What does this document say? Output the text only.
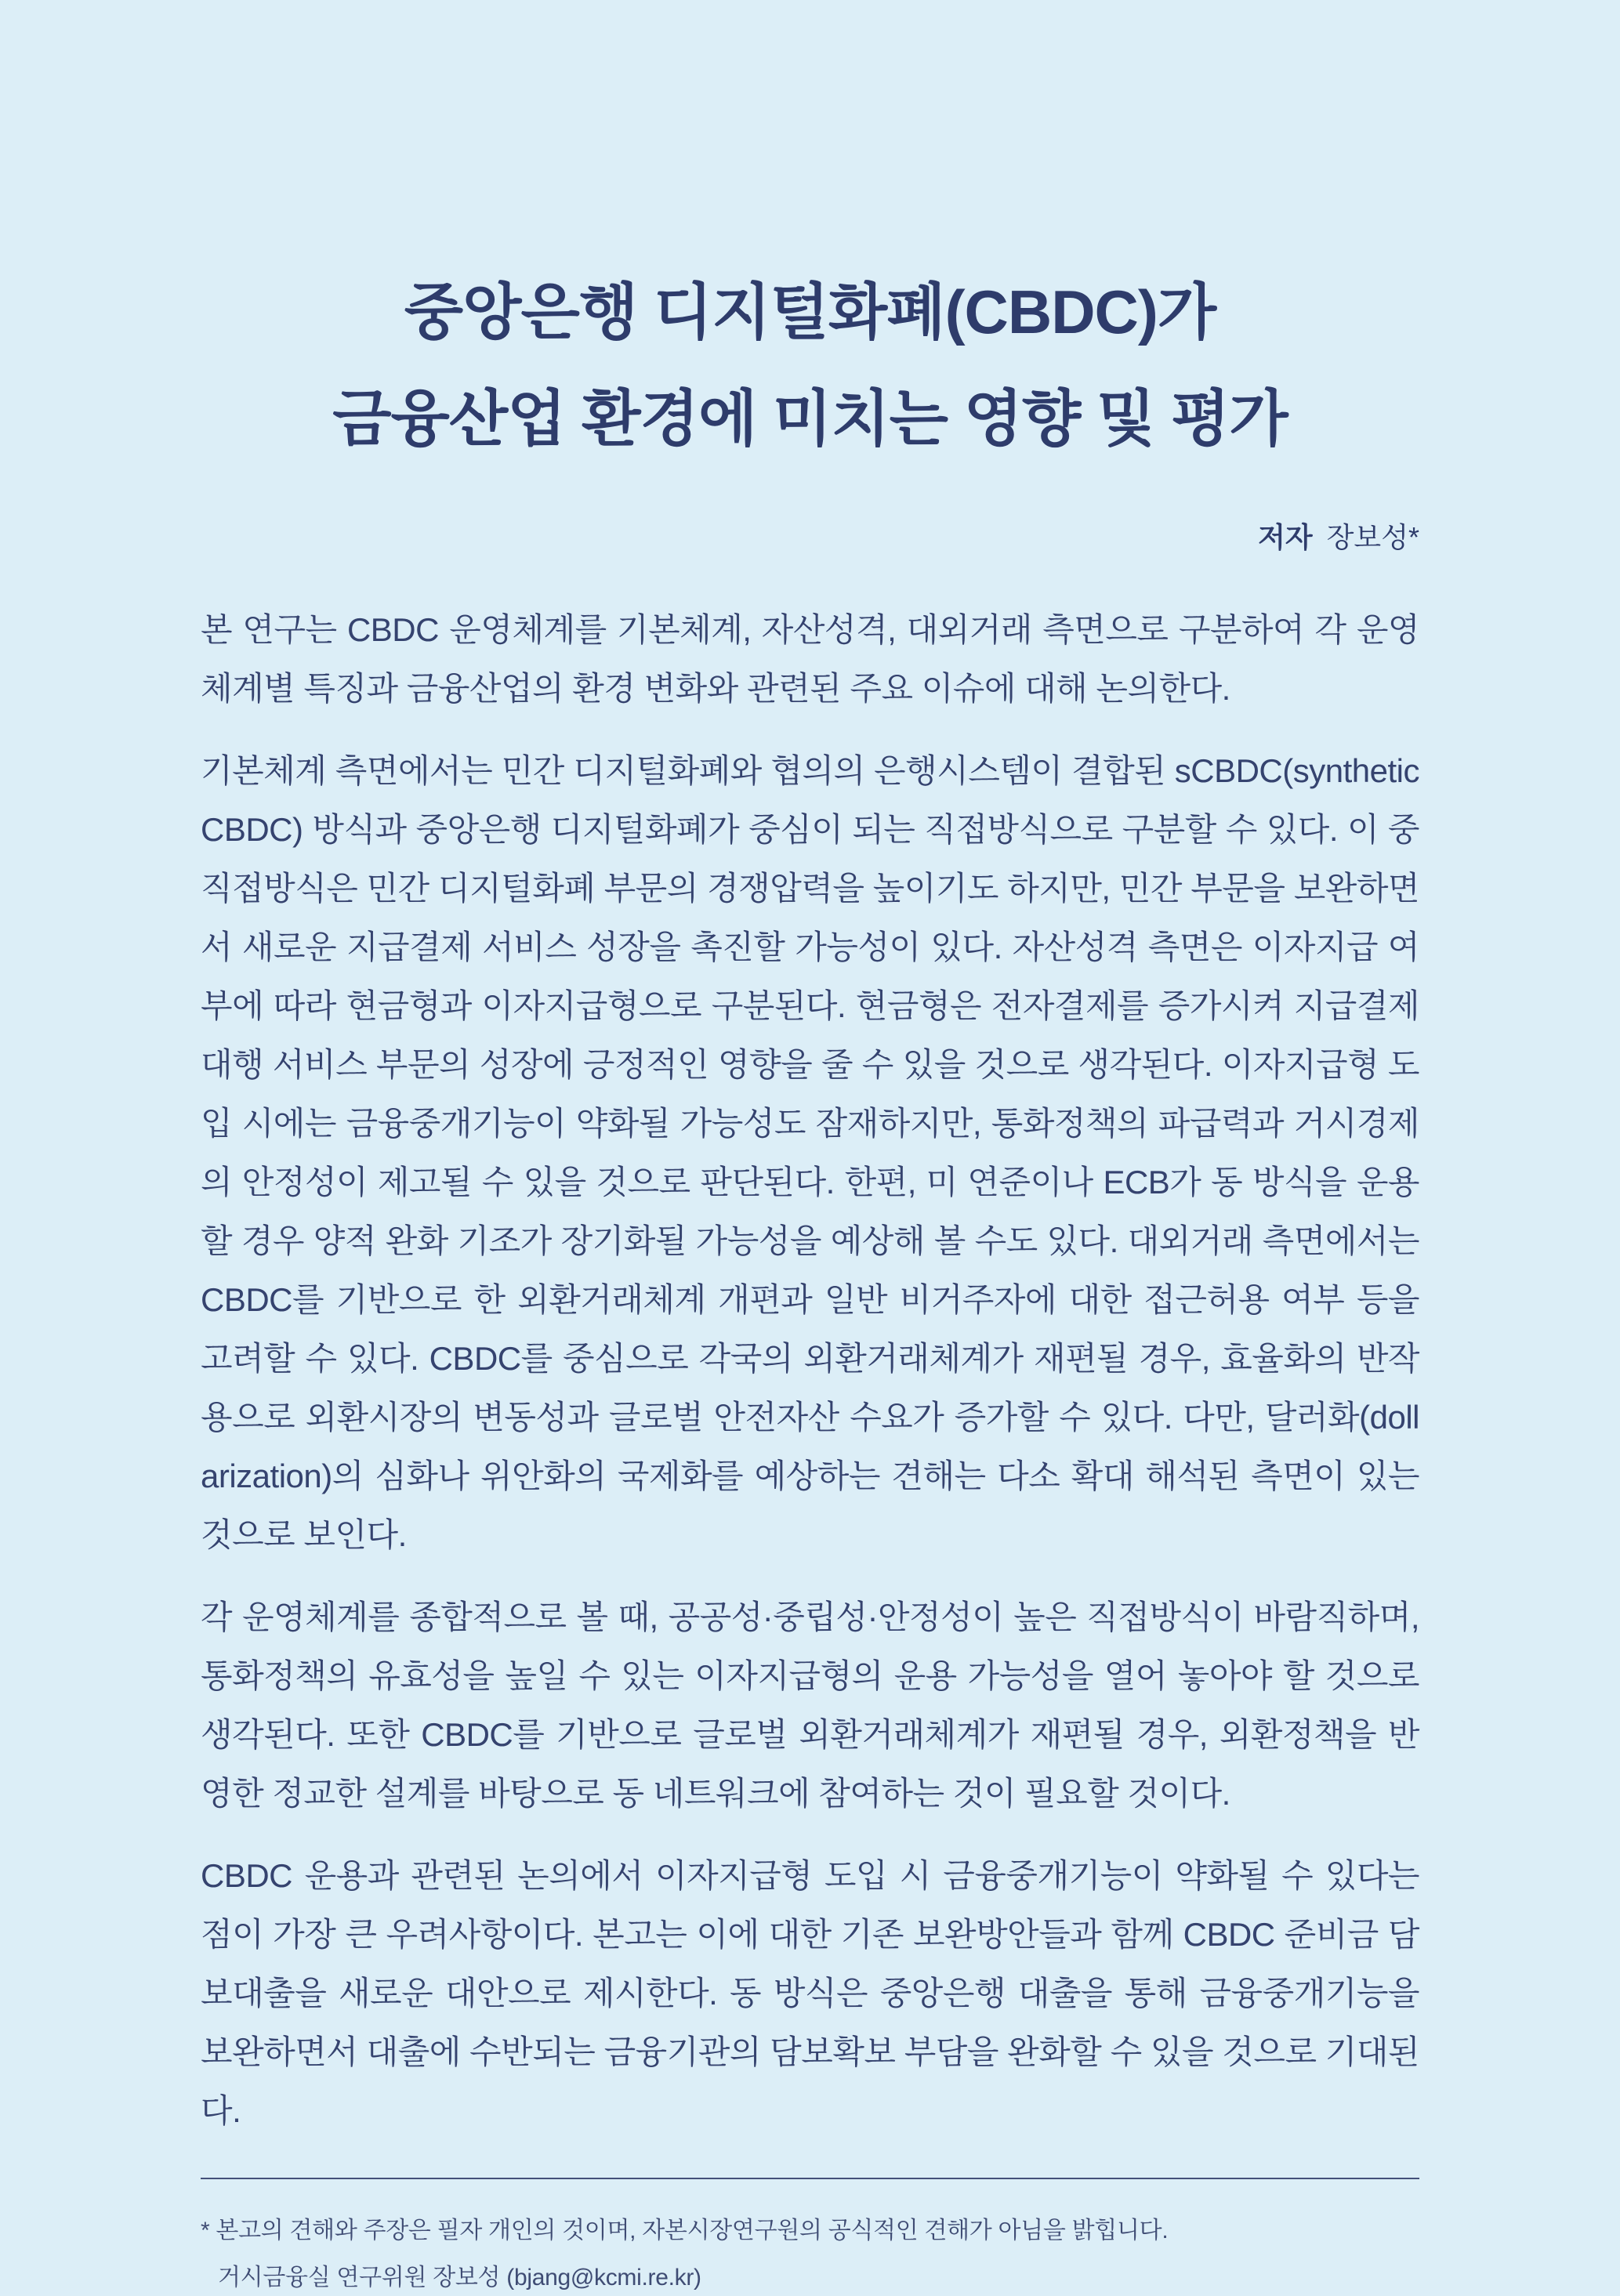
중앙은행 디지털화폐(CBDC)가
금융산업 환경에 미치는 영향 및 평가
저자 장보성*

본 연구는 CBDC 운영체계를 기본체계, 자산성격, 대외거래 측면으로 구분하여 각 운영체계별 특징과 금융산업의 환경 변화와 관련된 주요 이슈에 대해 논의한다.

기본체계 측면에서는 민간 디지털화폐와 협의의 은행시스템이 결합된 sCBDC(synthetic CBDC) 방식과 중앙은행 디지털화폐가 중심이 되는 직접방식으로 구분할 수 있다. 이 중 직접방식은 민간 디지털화폐 부문의 경쟁압력을 높이기도 하지만, 민간 부문을 보완하면서 새로운 지급결제 서비스 성장을 촉진할 가능성이 있다. 자산성격 측면은 이자지급 여부에 따라 현금형과 이자지급형으로 구분된다. 현금형은 전자결제를 증가시켜 지급결제대행 서비스 부문의 성장에 긍정적인 영향을 줄 수 있을 것으로 생각된다. 이자지급형 도입 시에는 금융중개기능이 약화될 가능성도 잠재하지만, 통화정책의 파급력과 거시경제의 안정성이 제고될 수 있을 것으로 판단된다. 한편, 미 연준이나 ECB가 동 방식을 운용할 경우 양적 완화 기조가 장기화될 가능성을 예상해 볼 수도 있다. 대외거래 측면에서는 CBDC를 기반으로 한 외환거래체계 개편과 일반 비거주자에 대한 접근허용 여부 등을 고려할 수 있다. CBDC를 중심으로 각국의 외환거래체계가 재편될 경우, 효율화의 반작용으로 외환시장의 변동성과 글로벌 안전자산 수요가 증가할 수 있다. 다만, 달러화(dollarization)의 심화나 위안화의 국제화를 예상하는 견해는 다소 확대 해석된 측면이 있는 것으로 보인다.

각 운영체계를 종합적으로 볼 때, 공공성·중립성·안정성이 높은 직접방식이 바람직하며, 통화정책의 유효성을 높일 수 있는 이자지급형의 운용 가능성을 열어 놓아야 할 것으로 생각된다. 또한 CBDC를 기반으로 글로벌 외환거래체계가 재편될 경우, 외환정책을 반영한 정교한 설계를 바탕으로 동 네트워크에 참여하는 것이 필요할 것이다.

CBDC 운용과 관련된 논의에서 이자지급형 도입 시 금융중개기능이 약화될 수 있다는 점이 가장 큰 우려사항이다. 본고는 이에 대한 기존 보완방안들과 함께 CBDC 준비금 담보대출을 새로운 대안으로 제시한다. 동 방식은 중앙은행 대출을 통해 금융중개기능을 보완하면서 대출에 수반되는 금융기관의 담보확보 부담을 완화할 수 있을 것으로 기대된다.

* 본고의 견해와 주장은 필자 개인의 것이며, 자본시장연구원의 공식적인 견해가 아님을 밝힙니다.
거시금융실 연구위원 장보성 (bjang@kcmi.re.kr)
